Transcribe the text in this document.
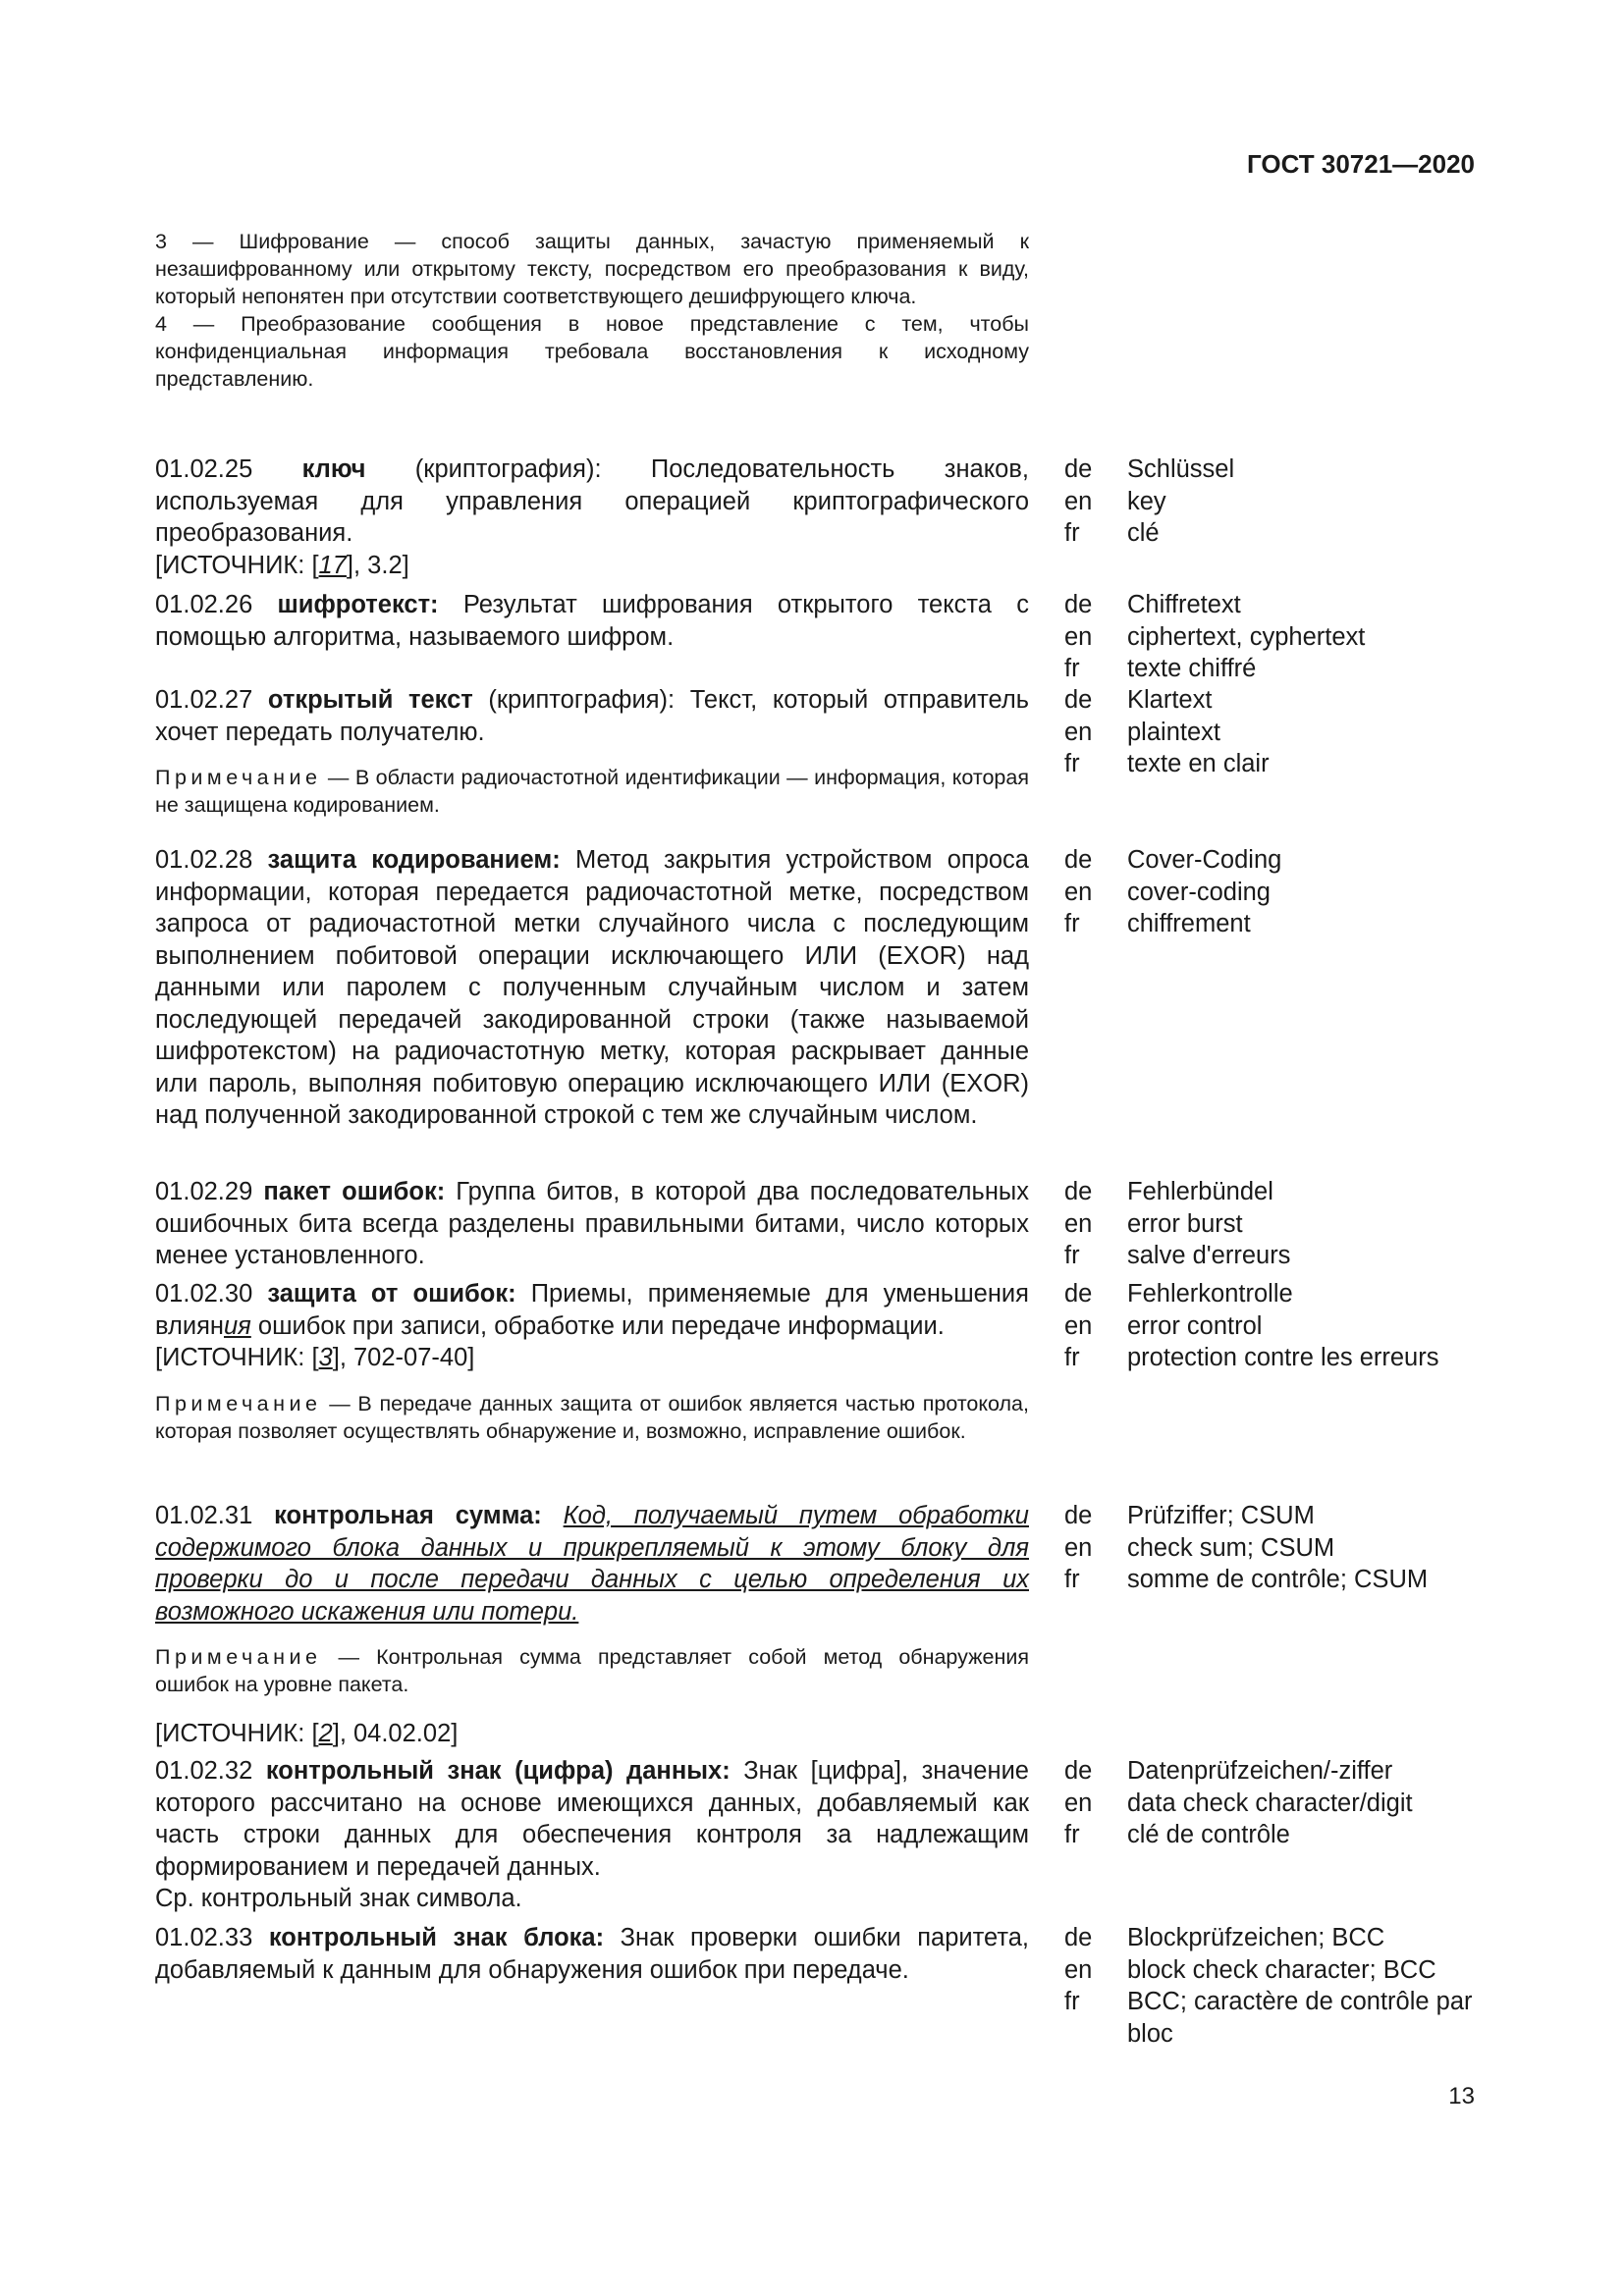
ГОСТ 30721—2020

3 — Шифрование — способ защиты данных, зачастую применяемый к незашифрованному или открытому тексту, посредством его преобразования к виду, который непонятен при отсутствии соответствующего дешифрующего ключа.

4 — Преобразование сообщения в новое представление с тем, чтобы конфиденциальная информация требовала восстановления к исходному представлению.

01.02.25 ключ (криптография): Последовательность знаков, используемая для управления операцией криптографического преобразования.

[ИСТОЧНИК: [17], 3.2]

de	Schlüssel
en	key
fr	clé

01.02.26 шифротекст: Результат шифрования открытого текста с помощью алгоритма, называемого шифром.

de	Chiffretext
en	ciphertext, cyphertext
fr	texte chiffré

01.02.27 открытый текст (криптография): Текст, который отправитель хочет передать получателю.

Примечание — В области радиочастотной идентификации — информация, которая не защищена кодированием.

de	Klartext
en	plaintext
fr	texte en clair

01.02.28 защита кодированием: Метод закрытия устройством опроса информации, которая передается радиочастотной метке, посредством запроса от радиочастотной метки случайного числа с последующим выполнением побитовой операции исключающего ИЛИ (EXOR) над данными или паролем с полученным случайным числом и затем последующей передачей закодированной строки (также называемой шифротекстом) на радиочастотную метку, которая раскрывает данные или пароль, выполняя побитовую операцию исключающего ИЛИ (EXOR) над полученной закодированной строкой с тем же случайным числом.

de	Cover-Coding
en	cover-coding
fr	chiffrement

01.02.29 пакет ошибок: Группа битов, в которой два последовательных ошибочных бита всегда разделены правильными битами, число которых менее установленного.

de	Fehlerbündel
en	error burst
fr	salve d'erreurs

01.02.30 защита от ошибок: Приемы, применяемые для уменьшения влияния ошибок при записи, обработке или передаче информации.

[ИСТОЧНИК: [3], 702-07-40]

Примечание — В передаче данных защита от ошибок является частью протокола, которая позволяет осуществлять обнаружение и, возможно, исправление ошибок.

de	Fehlerkontrolle
en	error control
fr	protection contre les erreurs

01.02.31 контрольная сумма: Код, получаемый путем обработки содержимого блока данных и прикрепляемый к этому блоку для проверки до и после передачи данных с целью определения их возможного искажения или потери.

Примечание — Контрольная сумма представляет собой метод обнаружения ошибок на уровне пакета.

[ИСТОЧНИК: [2], 04.02.02]

de	Prüfziffer; CSUM
en	check sum; CSUM
fr	somme de contrôle; CSUM

01.02.32 контрольный знак (цифра) данных: Знак [цифра], значение которого рассчитано на основе имеющихся данных, добавляемый как часть строки данных для обеспечения контроля за надлежащим формированием и передачей данных.

Ср. контрольный знак символа.

de	Datenprüfzeichen/-ziffer
en	data check character/digit
fr	clé de contrôle

01.02.33 контрольный знак блока: Знак проверки ошибки паритета, добавляемый к данным для обнаружения ошибок при передаче.

de	Blockprüfzeichen; BCC
en	block check character; BCC
fr	BCC; caractère de contrôle par bloc
13
